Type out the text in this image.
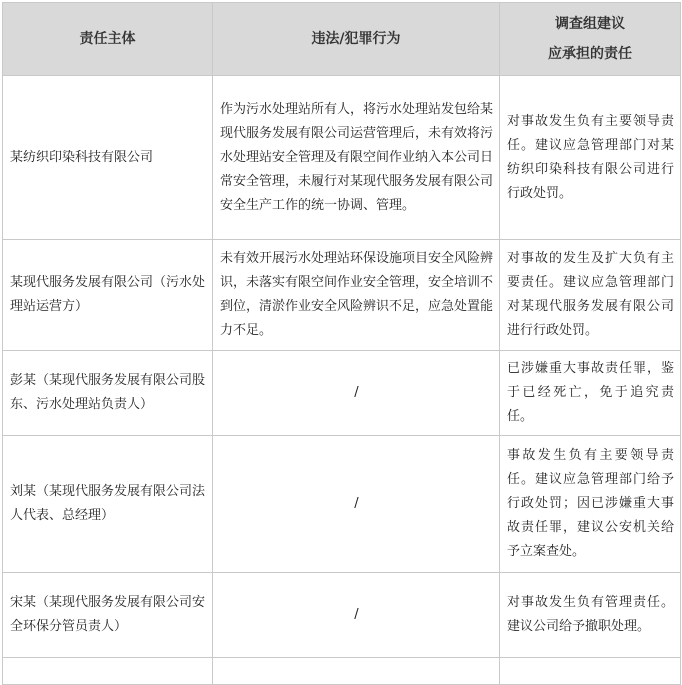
责任主体	违法/犯罪行为	调查组建议
应承担的责任

某纺织印染科技有限公司	作为污水处理站所有人，将污水处理站发包给某现代服务发展有限公司运营管理后，未有效将污水处理站安全管理及有限空间作业纳入本公司日常安全管理，未履行对某现代服务发展有限公司安全生产工作的统一协调、管理。	对事故发生负有主要领导责任。建议应急管理部门对某纺织印染科技有限公司进行行政处罚。
某现代服务发展有限公司（污水处理站运营方）	未有效开展污水处理站环保设施项目安全风险辨识，未落实有限空间作业安全管理，安全培训不到位，清淤作业安全风险辨识不足，应急处置能力不足。	对事故的发生及扩大负有主要责任。建议应急管理部门对某现代服务发展有限公司进行行政处罚。
彭某（某现代服务发展有限公司股东、污水处理站负责人）	/	已涉嫌重大事故责任罪，鉴于已经死亡，免于追究责任。
刘某（某现代服务发展有限公司法人代表、总经理）	/	事故发生负有主要领导责任。建议应急管理部门给予行政处罚；因已涉嫌重大事故责任罪，建议公安机关给予立案查处。
宋某（某现代服务发展有限公司安全环保分管员责人）	/	对事故发生负有管理责任。建议公司给予撤职处理。
